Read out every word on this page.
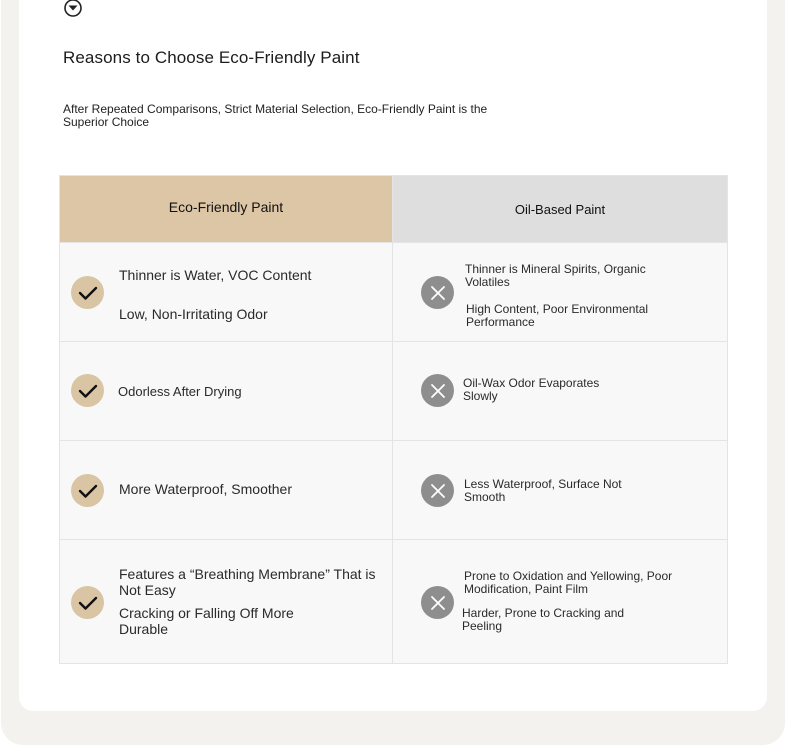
Reasons to Choose Eco-Friendly Paint

After Repeated Comparisons, Strict Material Selection, Eco-Friendly Paint is the Superior Choice

Eco-Friendly Paint	Oil-Based Paint
Thinner is Water, VOC Content
Low, Non-Irritating Odor
Thinner is Mineral Spirits, Organic Volatiles
High Content, Poor Environmental Performance
Odorless After Drying
Oil-Wax Odor Evaporates Slowly
More Waterproof, Smoother	Less Waterproof, Surface Not Smooth
Features a “Breathing Membrane” That is Not Easy
Cracking or Falling Off More Durable
Prone to Oxidation and Yellowing, Poor Modification, Paint Film
Harder, Prone to Cracking and Peeling
